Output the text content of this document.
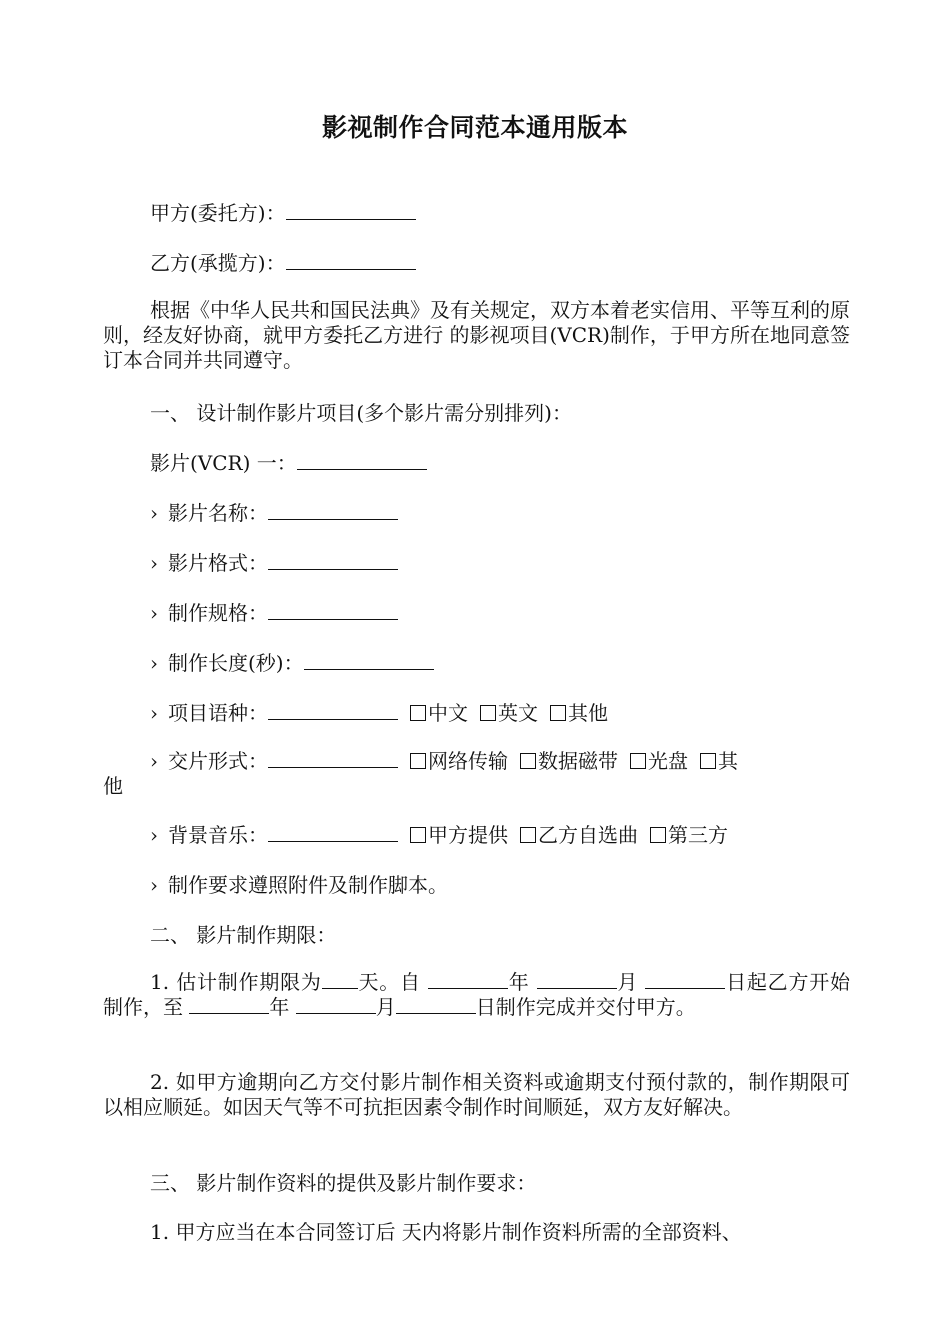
影视制作合同范本通用版本
甲方(委托方)：
乙方(承揽方)：
根据《中华人民共和国民法典》及有关规定，双方本着老实信用、平等互利的原则，经友好协商，就甲方委托乙方进行 的影视项目(VCR)制作，于甲方所在地同意签订本合同并共同遵守。
一、 设计制作影片项目(多个影片需分别排列)：
影片(VCR) 一：
› 影片名称：
› 影片格式：
› 制作规格：
› 制作长度(秒)：
› 项目语种：	中文 英文 其他
› 交片形式：	网络传输 数据磁带 光盘 其
他
› 背景音乐：	甲方提供 乙方自选曲 第三方
› 制作要求遵照附件及制作脚本。
二、 影片制作期限：
1. 估计制作期限为 天。自	年	月	日起乙方开始制作，至	年	月	日制作完成并交付甲方。
2. 如甲方逾期向乙方交付影片制作相关资料或逾期支付预付款的，制作期限可以相应顺延。如因天气等不可抗拒因素令制作时间顺延，双方友好解决。
三、 影片制作资料的提供及影片制作要求：
1. 甲方应当在本合同签订后 天内将影片制作资料所需的全部资料、
